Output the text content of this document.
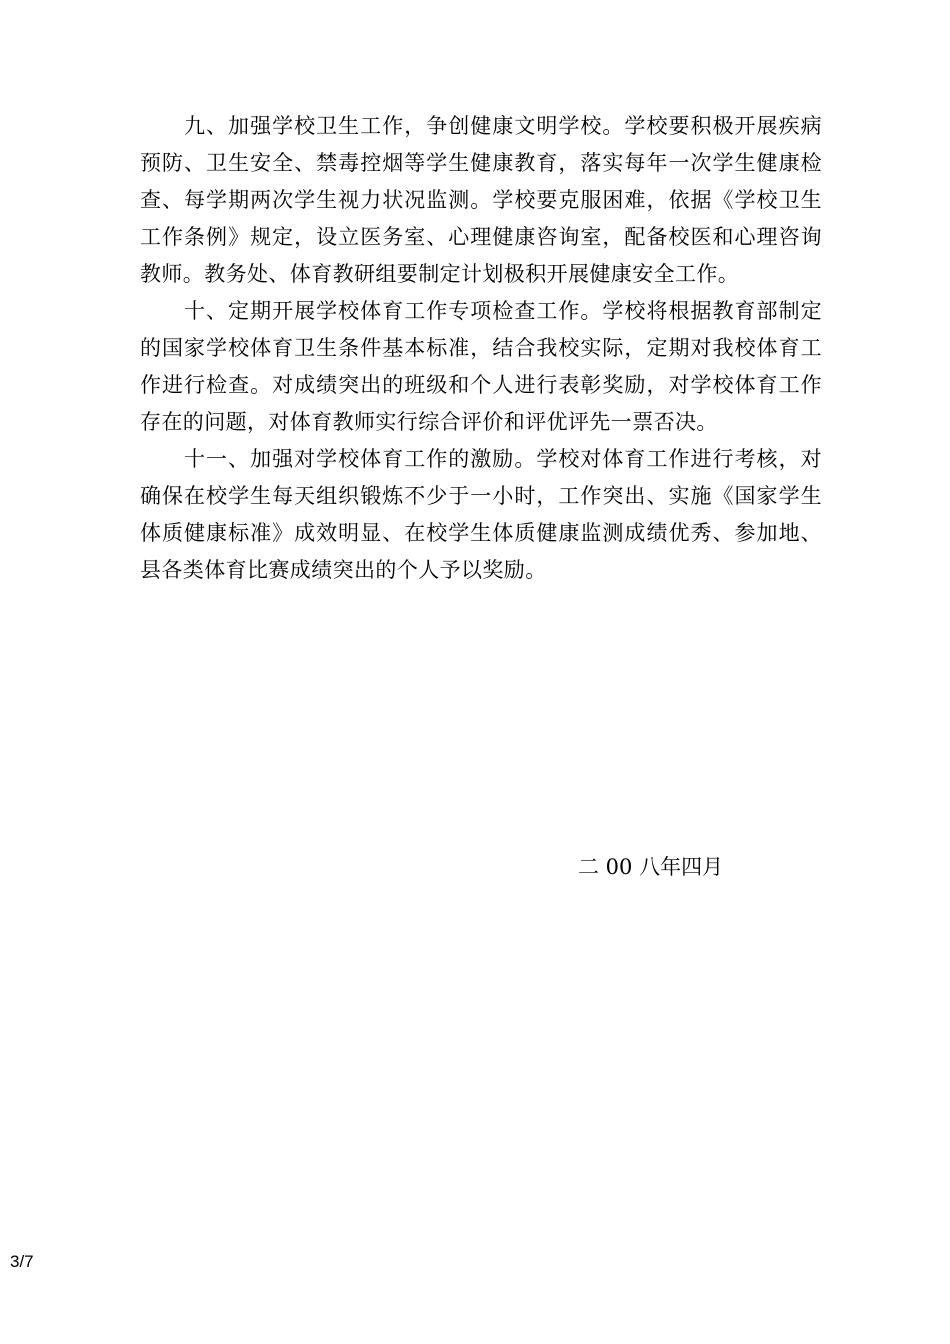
九、加强学校卫生工作，争创健康文明学校。学校要积极开展疾病预防、卫生安全、禁毒控烟等学生健康教育，落实每年一次学生健康检查、每学期两次学生视力状况监测。学校要克服困难，依据《学校卫生工作条例》规定，设立医务室、心理健康咨询室，配备校医和心理咨询教师。教务处、体育教研组要制定计划极积开展健康安全工作。

十、定期开展学校体育工作专项检查工作。学校将根据教育部制定的国家学校体育卫生条件基本标准，结合我校实际，定期对我校体育工作进行检查。对成绩突出的班级和个人进行表彰奖励，对学校体育工作存在的问题，对体育教师实行综合评价和评优评先一票否决。

十一、加强对学校体育工作的激励。学校对体育工作进行考核，对确保在校学生每天组织锻炼不少于一小时，工作突出、实施《国家学生体质健康标准》成效明显、在校学生体质健康监测成绩优秀、参加地、县各类体育比赛成绩突出的个人予以奖励。

二 00 八年四月
3/7
